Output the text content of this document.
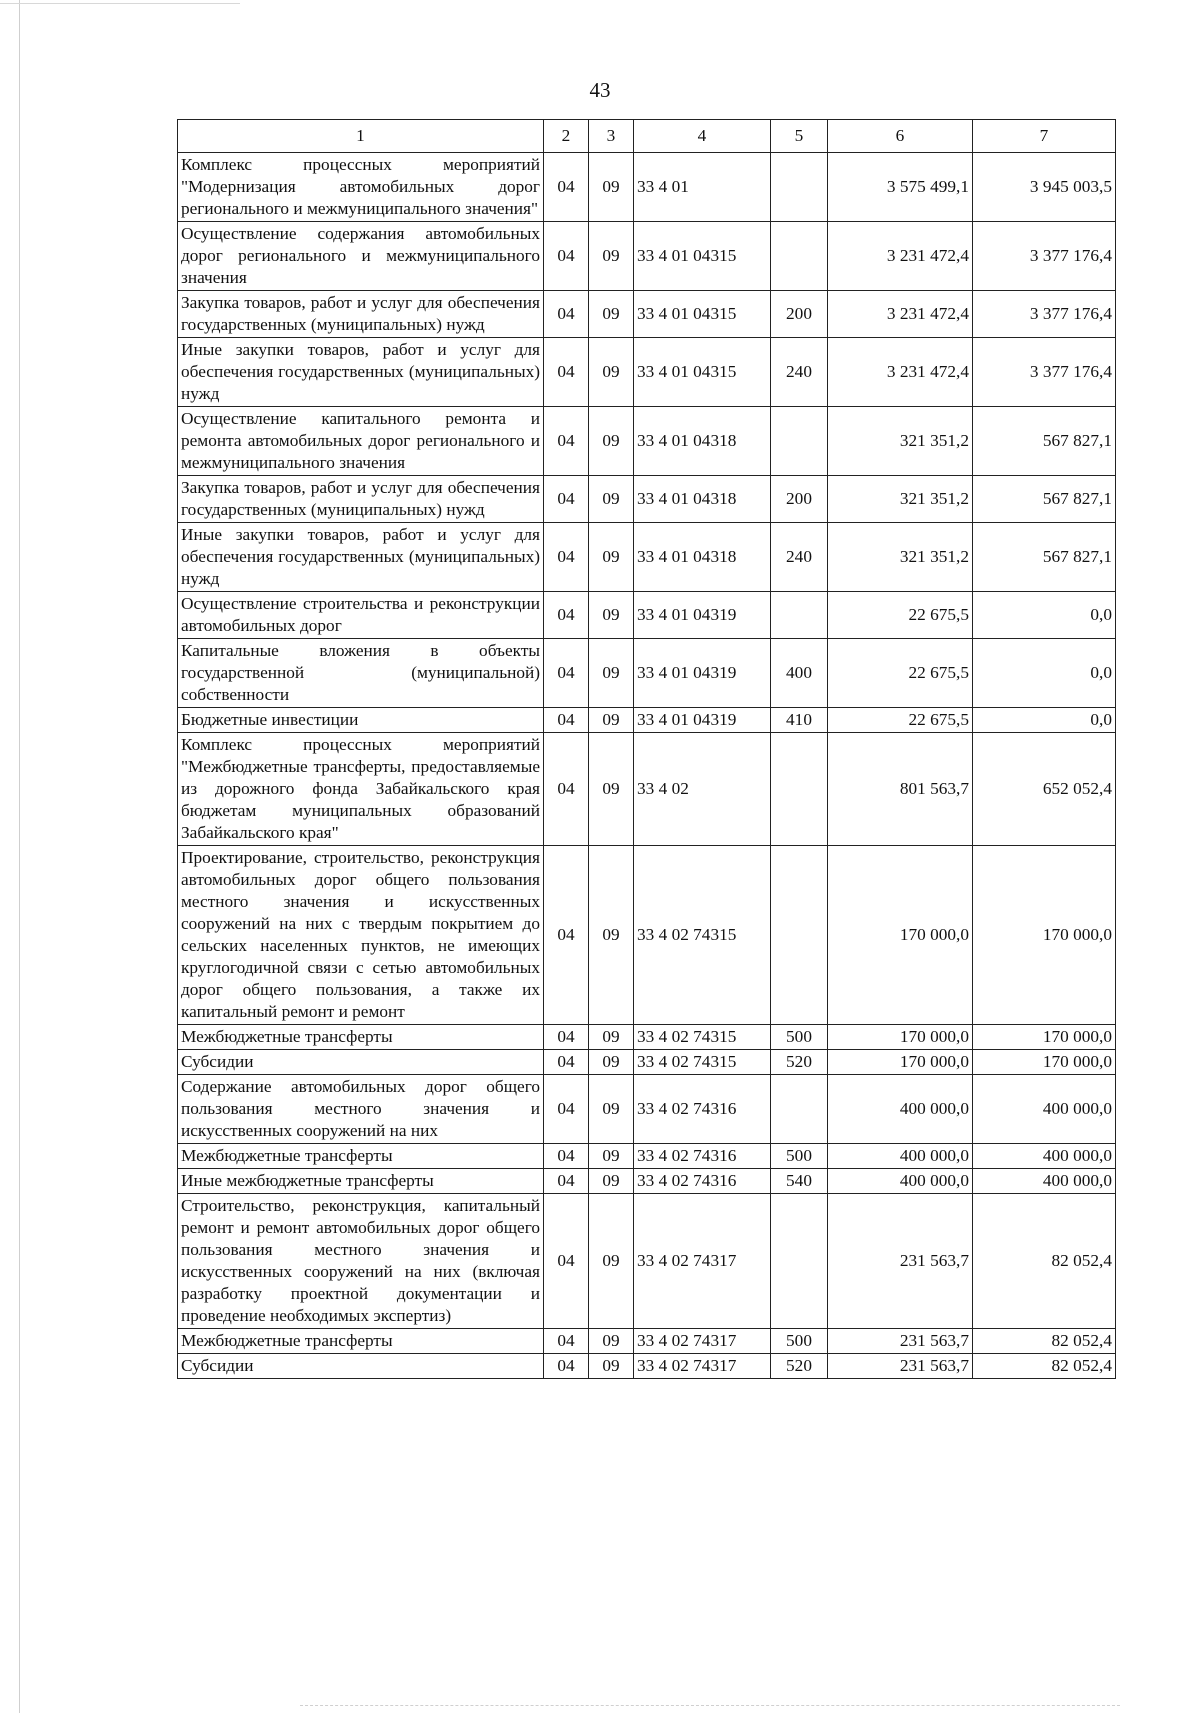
43
1	2	3	4	5	6	7
Комплекс процессных мероприятий "Модернизация автомобильных дорог регионального и межмуниципального значения"	04	09	33 4 01		3 575 499,1	3 945 003,5
Осуществление содержания автомобильных дорог регионального и межмуниципального значения	04	09	33 4 01 04315		3 231 472,4	3 377 176,4
Закупка товаров, работ и услуг для обеспечения государственных (муниципальных) нужд	04	09	33 4 01 04315	200	3 231 472,4	3 377 176,4
Иные закупки товаров, работ и услуг для обеспечения государственных (муниципальных) нужд	04	09	33 4 01 04315	240	3 231 472,4	3 377 176,4
Осуществление капитального ремонта и ремонта автомобильных дорог регионального и межмуниципального значения	04	09	33 4 01 04318		321 351,2	567 827,1
Закупка товаров, работ и услуг для обеспечения государственных (муниципальных) нужд	04	09	33 4 01 04318	200	321 351,2	567 827,1
Иные закупки товаров, работ и услуг для обеспечения государственных (муниципальных) нужд	04	09	33 4 01 04318	240	321 351,2	567 827,1
Осуществление строительства и реконструкции автомобильных дорог	04	09	33 4 01 04319		22 675,5	0,0
Капитальные вложения в объекты государственной (муниципальной) собственности	04	09	33 4 01 04319	400	22 675,5	0,0
Бюджетные инвестиции	04	09	33 4 01 04319	410	22 675,5	0,0
Комплекс процессных мероприятий "Межбюджетные трансферты, предоставляемые из дорожного фонда Забайкальского края бюджетам муниципальных образований Забайкальского края"	04	09	33 4 02		801 563,7	652 052,4
Проектирование, строительство, реконструкция автомобильных дорог общего пользования местного значения и искусственных сооружений на них с твердым покрытием до сельских населенных пунктов, не имеющих круглогодичной связи с сетью автомобильных дорог общего пользования, а также их капитальный ремонт и ремонт	04	09	33 4 02 74315		170 000,0	170 000,0
Межбюджетные трансферты	04	09	33 4 02 74315	500	170 000,0	170 000,0
Субсидии	04	09	33 4 02 74315	520	170 000,0	170 000,0
Содержание автомобильных дорог общего пользования местного значения и искусственных сооружений на них	04	09	33 4 02 74316		400 000,0	400 000,0
Межбюджетные трансферты	04	09	33 4 02 74316	500	400 000,0	400 000,0
Иные межбюджетные трансферты	04	09	33 4 02 74316	540	400 000,0	400 000,0
Строительство, реконструкция, капитальный ремонт и ремонт автомобильных дорог общего пользования местного значения и искусственных сооружений на них (включая разработку проектной документации и проведение необходимых экспертиз)	04	09	33 4 02 74317		231 563,7	82 052,4
Межбюджетные трансферты	04	09	33 4 02 74317	500	231 563,7	82 052,4
Субсидии	04	09	33 4 02 74317	520	231 563,7	82 052,4
